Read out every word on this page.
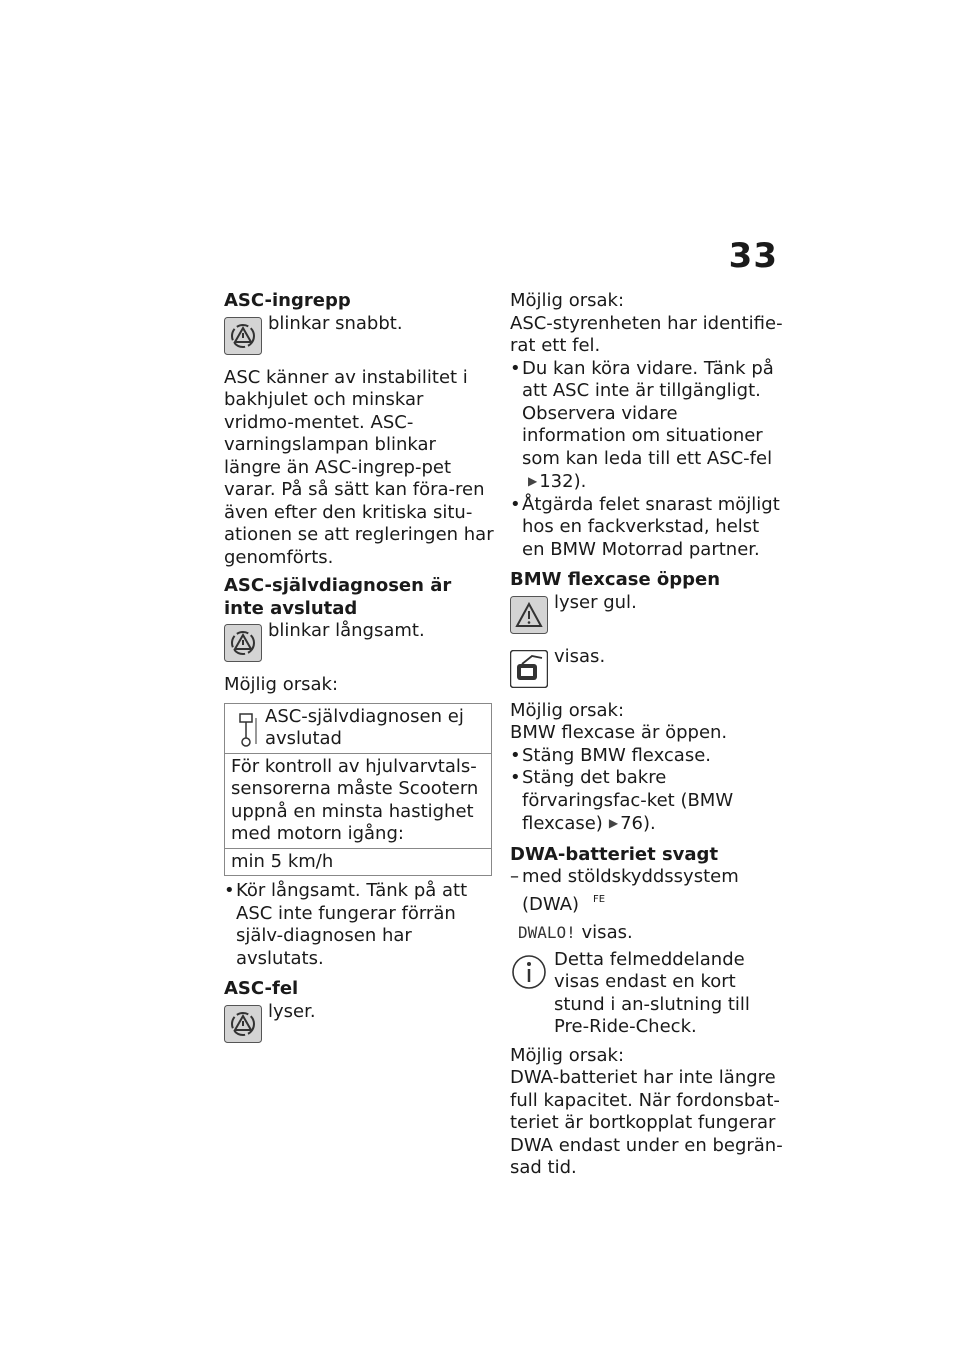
33
ASC-ingrepp
blinkar snabbt.

ASC känner av instabilitet i bakhjulet och minskar vridmo-mentet. ASC-varningslampan blinkar längre än ASC-ingrep-pet varar. På så sätt kan föra-ren även efter den kritiska situ-ationen se att regleringen har genomförts.

ASC-självdiagnosen är inte avslutad
blinkar långsamt.

Möjlig orsak:

ASC-självdiagnosen ej avslutad
För kontroll av hjulvarvtals-sensorerna måste Scootern uppnå en minsta hastighet med motorn igång:
min 5 km/h
• Kör långsamt. Tänk på att ASC inte fungerar förrän själv-diagnosen har avslutats.
ASC-fel
lyser.

Möjlig orsak:

ASC-styrenheten har identifie-rat ett fel.

• Du kan köra vidare. Tänk på att ASC inte är tillgängligt. Observera vidare information om situationer som kan leda till ett ASC-fel▶ 132).
• Åtgärda felet snarast möjligt hos en fackverkstad, helst en BMW Motorrad partner.
BMW flexcase öppen
lyser gul.
visas.

Möjlig orsak:

BMW flexcase är öppen.

• Stäng BMW flexcase.
• Stäng det bakre förvaringsfac-ket (BMW flexcase) ▶ 76).
DWA-batteriet svagt
– med stöldskyddssystem (DWA) $^{FE}$

DWALO! visas.

Detta felmeddelande visas endast en kort stund i an-slutning till Pre-Ride-Check.

Möjlig orsak:

DWA-batteriet har inte längre full kapacitet. När fordonsbat-teriet är bortkopplat fungerar DWA endast under en begrän-sad tid.
